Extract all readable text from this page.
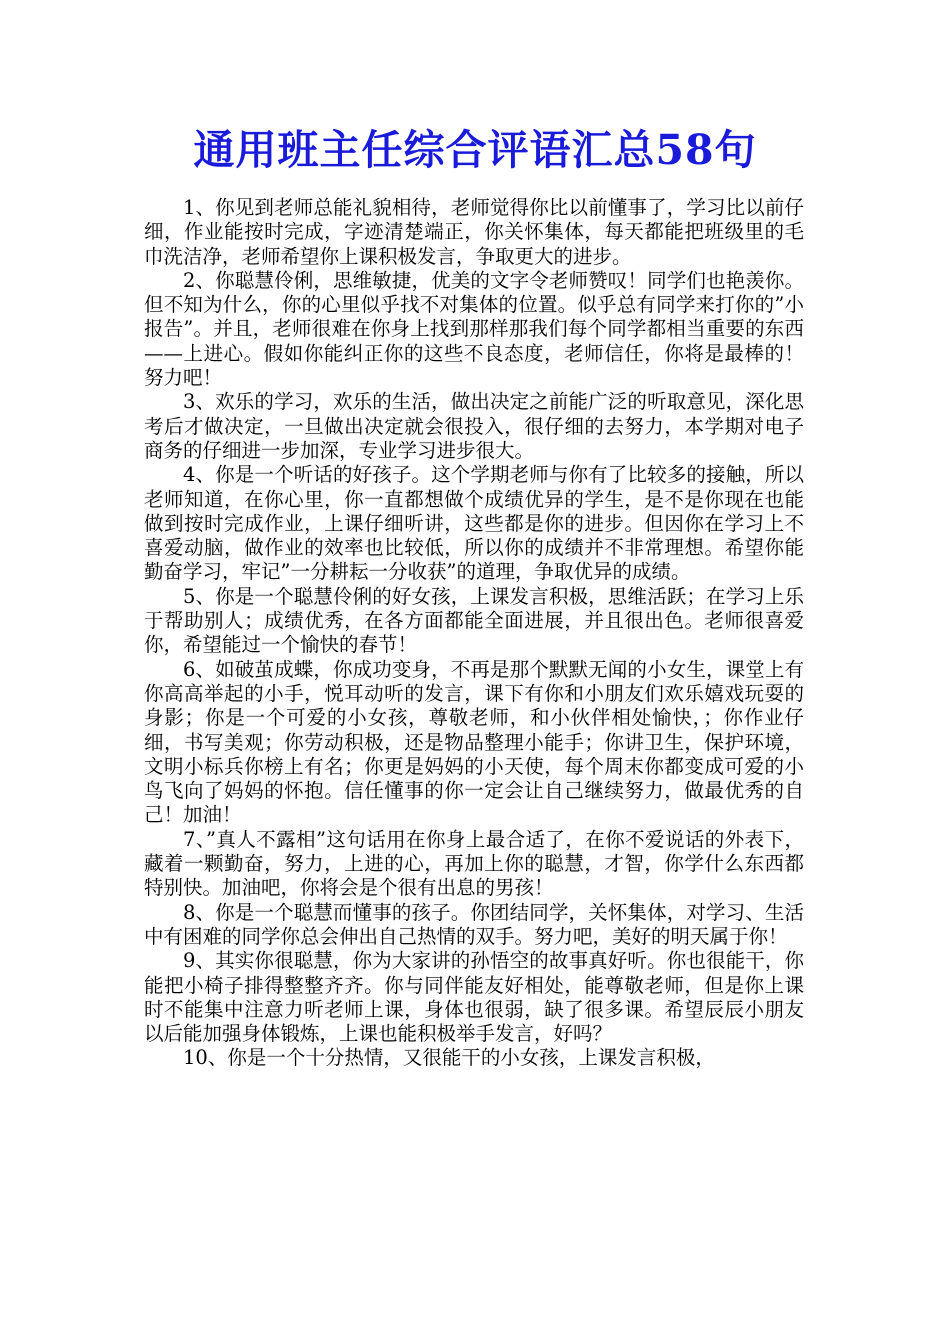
通用班主任综合评语汇总58句

1、你见到老师总能礼貌相待，老师觉得你比以前懂事了，学习比以前仔细，作业能按时完成，字迹清楚端正，你关怀集体，每天都能把班级里的毛巾洗洁净，老师希望你上课积极发言，争取更大的进步。

2、你聪慧伶俐，思维敏捷，优美的文字令老师赞叹！同学们也艳羡你。但不知为什么，你的心里似乎找不对集体的位置。似乎总有同学来打你的”小报告”。并且，老师很难在你身上找到那样那我们每个同学都相当重要的东西——上进心。假如你能纠正你的这些不良态度，老师信任，你将是最棒的！努力吧！

3、欢乐的学习，欢乐的生活，做出决定之前能广泛的听取意见，深化思考后才做决定，一旦做出决定就会很投入，很仔细的去努力，本学期对电子商务的仔细进一步加深，专业学习进步很大。

4、你是一个听话的好孩子。这个学期老师与你有了比较多的接触，所以老师知道，在你心里，你一直都想做个成绩优异的学生，是不是你现在也能做到按时完成作业，上课仔细听讲，这些都是你的进步。但因你在学习上不喜爱动脑，做作业的效率也比较低，所以你的成绩并不非常理想。希望你能勤奋学习，牢记”一分耕耘一分收获”的道理，争取优异的成绩。

5、你是一个聪慧伶俐的好女孩，上课发言积极，思维活跃；在学习上乐于帮助别人；成绩优秀，在各方面都能全面进展，并且很出色。老师很喜爱你，希望能过一个愉快的春节！

6、如破茧成蝶，你成功变身，不再是那个默默无闻的小女生，课堂上有你高高举起的小手，悦耳动听的发言，课下有你和小朋友们欢乐嬉戏玩耍的身影；你是一个可爱的小女孩，尊敬老师，和小伙伴相处愉快，；你作业仔细，书写美观；你劳动积极，还是物品整理小能手；你讲卫生，保护环境，文明小标兵你榜上有名；你更是妈妈的小天使，每个周末你都变成可爱的小鸟飞向了妈妈的怀抱。信任懂事的你一定会让自己继续努力，做最优秀的自己！加油！

7、”真人不露相”这句话用在你身上最合适了，在你不爱说话的外表下，藏着一颗勤奋，努力，上进的心，再加上你的聪慧，才智，你学什么东西都特别快。加油吧，你将会是个很有出息的男孩！

8、你是一个聪慧而懂事的孩子。你团结同学，关怀集体，对学习、生活中有困难的同学你总会伸出自己热情的双手。努力吧，美好的明天属于你！

9、其实你很聪慧，你为大家讲的孙悟空的故事真好听。你也很能干，你能把小椅子排得整整齐齐。你与同伴能友好相处，能尊敬老师，但是你上课时不能集中注意力听老师上课，身体也很弱，缺了很多课。希望辰辰小朋友以后能加强身体锻炼，上课也能积极举手发言，好吗？

10、你是一个十分热情，又很能干的小女孩，上课发言积极，
